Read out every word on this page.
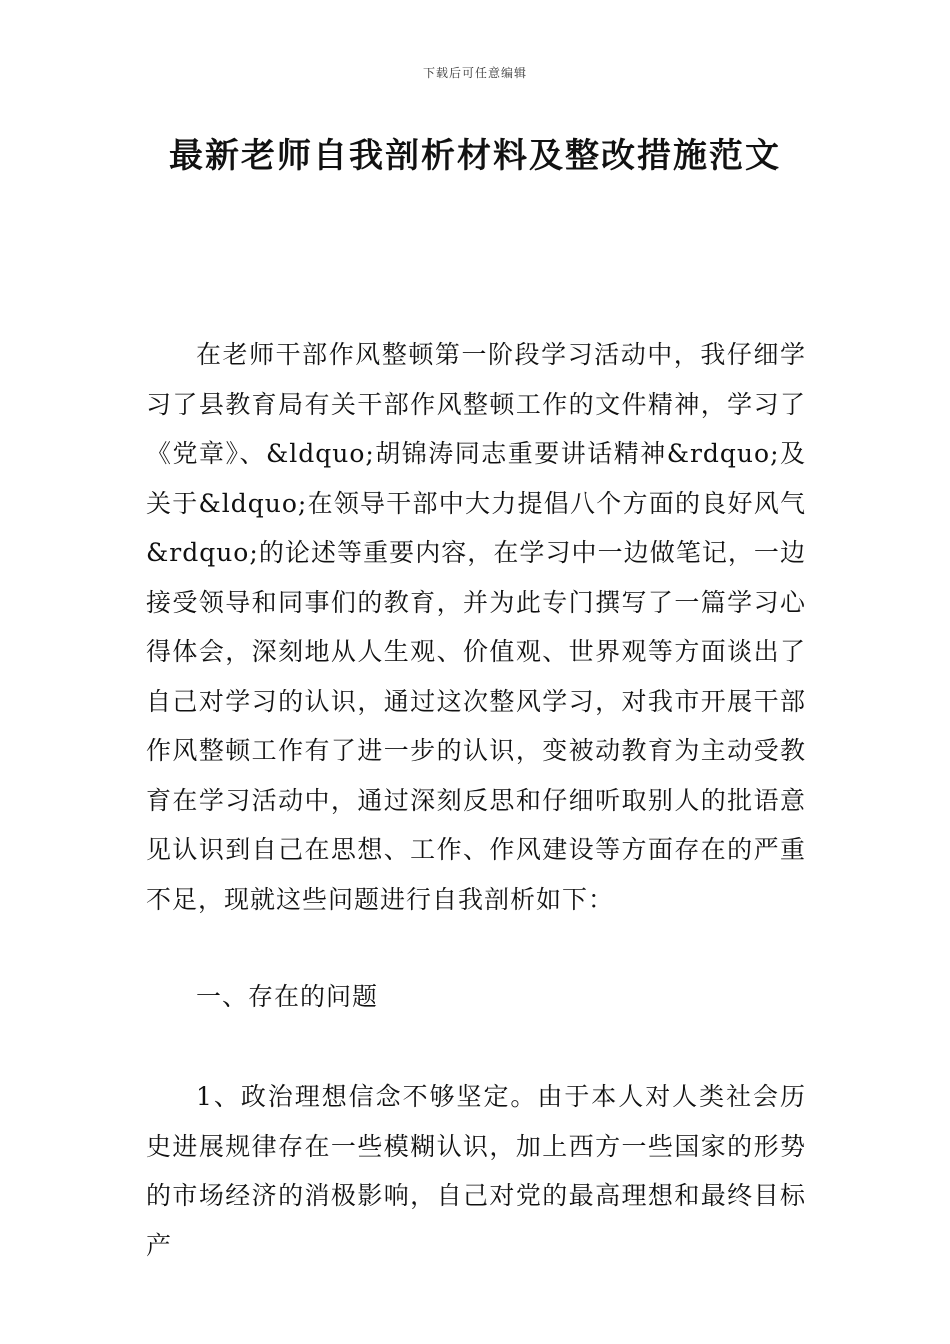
下载后可任意编辑
最新老师自我剖析材料及整改措施范文

在老师干部作风整顿第一阶段学习活动中，我仔细学习了县教育局有关干部作风整顿工作的文件精神，学习了《党章》、&ldquo;胡锦涛同志重要讲话精神&rdquo;及关于&ldquo;在领导干部中大力提倡八个方面的良好风气&rdquo;的论述等重要内容，在学习中一边做笔记，一边接受领导和同事们的教育，并为此专门撰写了一篇学习心得体会，深刻地从人生观、价值观、世界观等方面谈出了自己对学习的认识，通过这次整风学习，对我市开展干部作风整顿工作有了进一步的认识，变被动教育为主动受教育在学习活动中，通过深刻反思和仔细听取别人的批语意见认识到自己在思想、工作、作风建设等方面存在的严重不足，现就这些问题进行自我剖析如下：

一、存在的问题

1、政治理想信念不够坚定。由于本人对人类社会历史进展规律存在一些模糊认识，加上西方一些国家的形势的市场经济的消极影响，自己对党的最高理想和最终目标产
